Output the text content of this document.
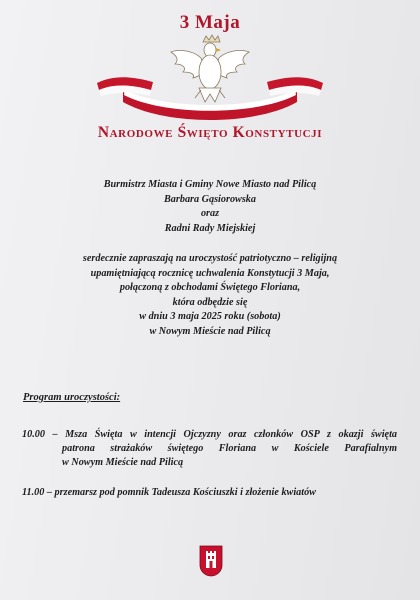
3 Maja
Narodowe Święto Konstytucji
Burmistrz Miasta i Gminy Nowe Miasto nad Pilicą
Barbara Gąsiorowska
oraz
Radni Rady Miejskiej
serdecznie zapraszają na uroczystość patriotyczno – religijną
upamiętniającą rocznicę uchwalenia Konstytucji 3 Maja,
połączoną z obchodami Świętego Floriana,
która odbędzie się
w dniu 3 maja 2025 roku (sobota)
w Nowym Mieście nad Pilicą
Program uroczystości:
10.00 – Msza Święta w intencji Ojczyzny oraz członków OSP z okazji święta
patrona strażaków świętego Floriana w Kościele Parafialnym
w Nowym Mieście nad Pilicą
11.00 – przemarsz pod pomnik Tadeusza Kościuszki i złożenie kwiatów
